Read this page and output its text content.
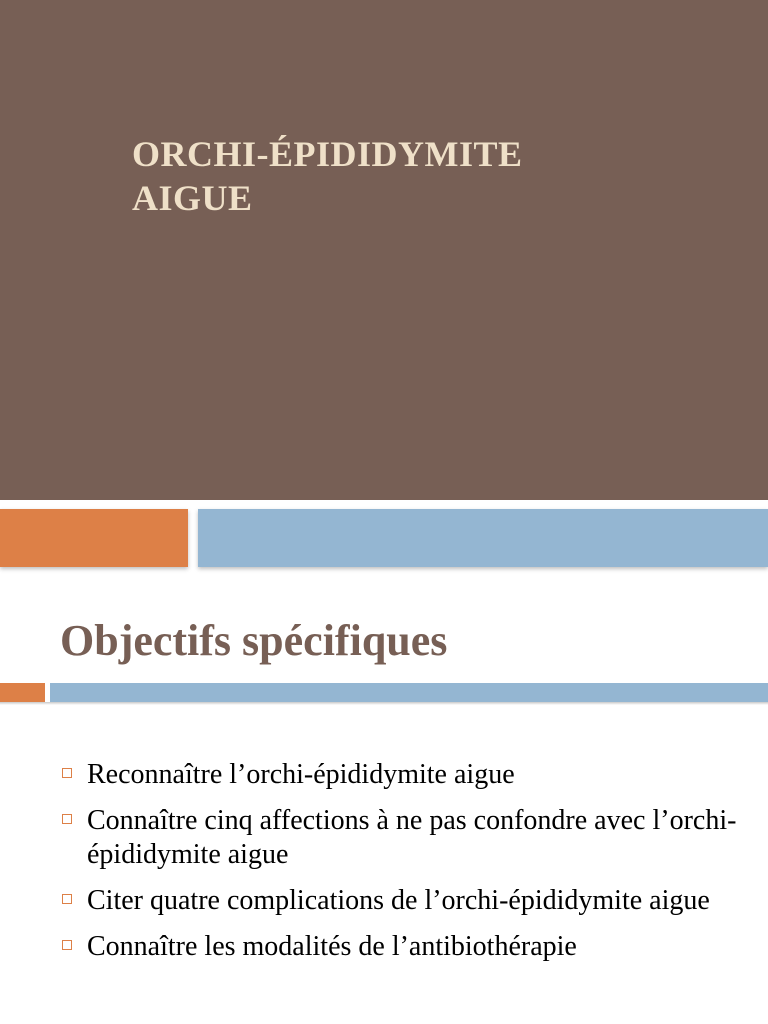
ORCHI-ÉPIDIDYMITE
AIGUE
Objectifs spécifiques
Reconnaître l’orchi-épididymite aigue
Connaître cinq affections à ne pas confondre avec l’orchi-épididymite aigue
Citer quatre complications de l’orchi-épididymite aigue
Connaître les modalités de l’antibiothérapie
